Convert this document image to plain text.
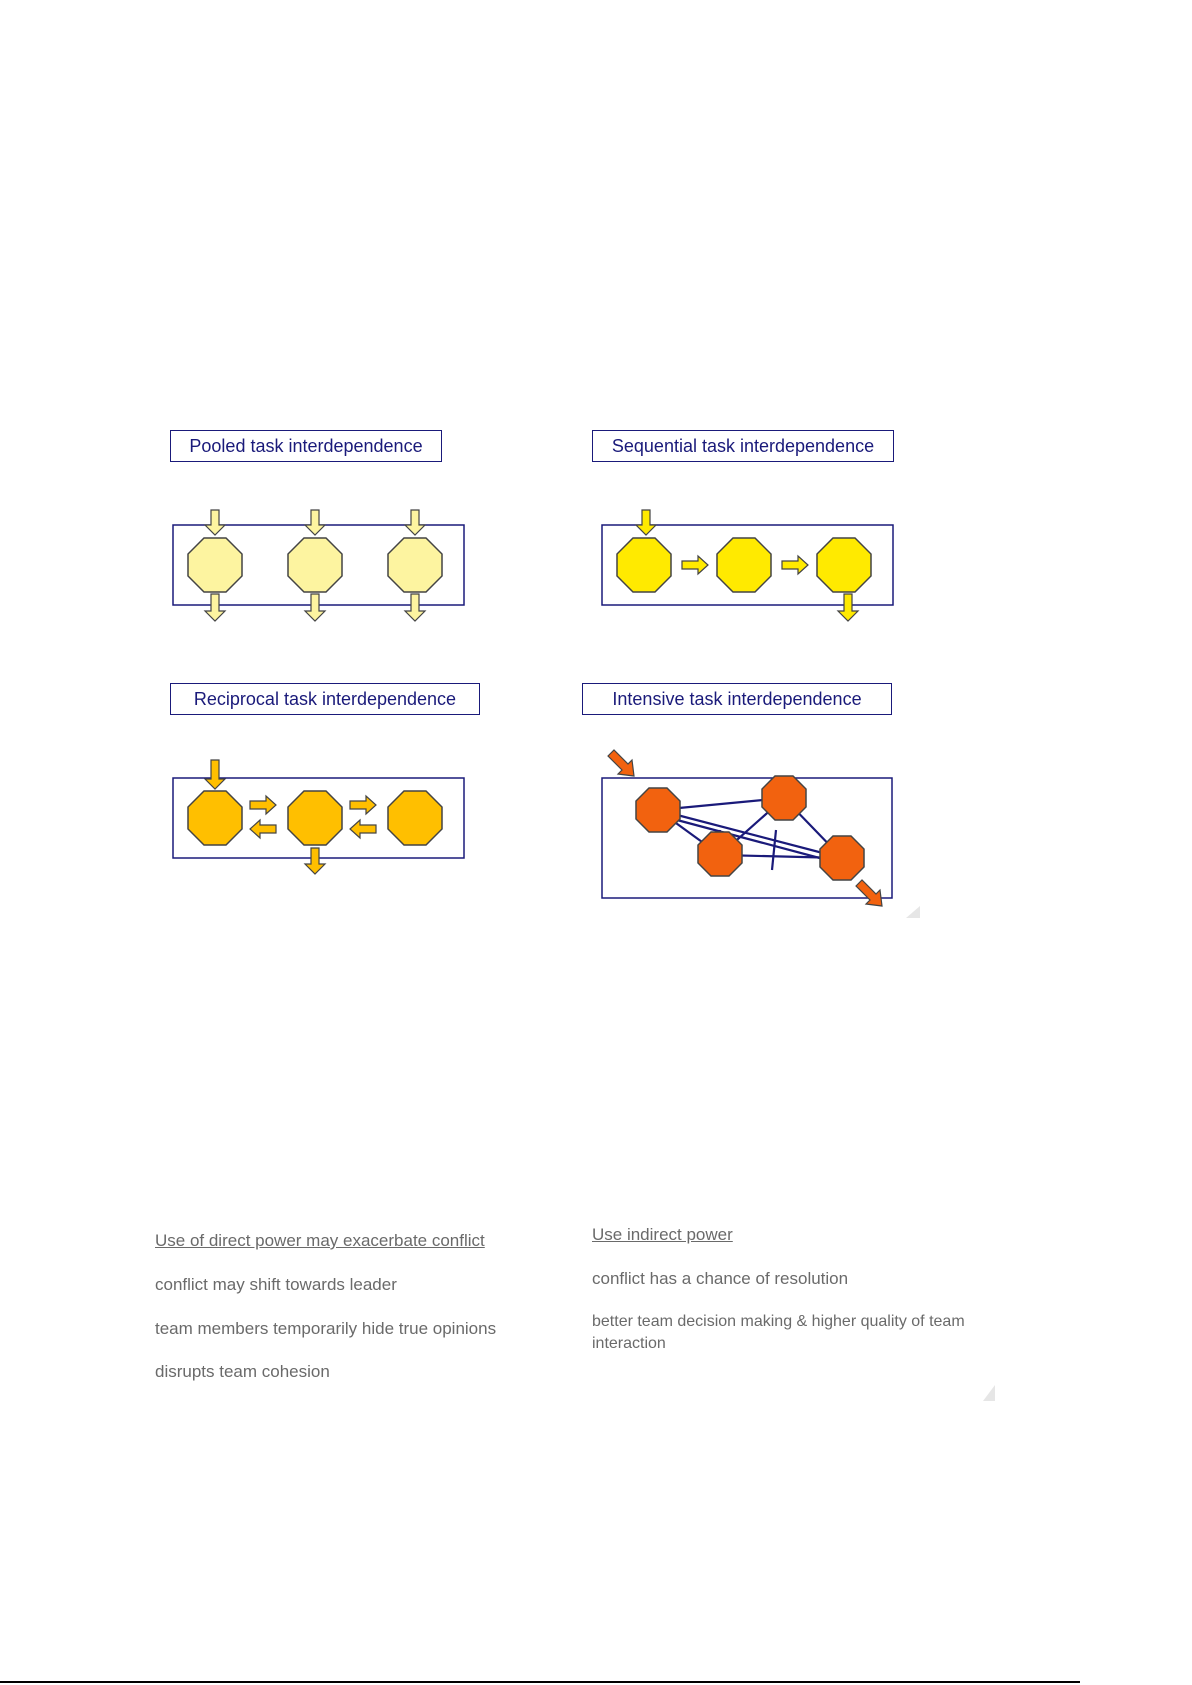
Pooled task interdependence	Sequential task interdependence
Reciprocal task interdependence	Intensive task interdependence
Use of direct power may exacerbate conflict
conflict may shift towards leader
team members temporarily hide true opinions
disrupts team cohesion
Use indirect power
conflict has a chance of resolution
better team decision making & higher quality of team interaction
